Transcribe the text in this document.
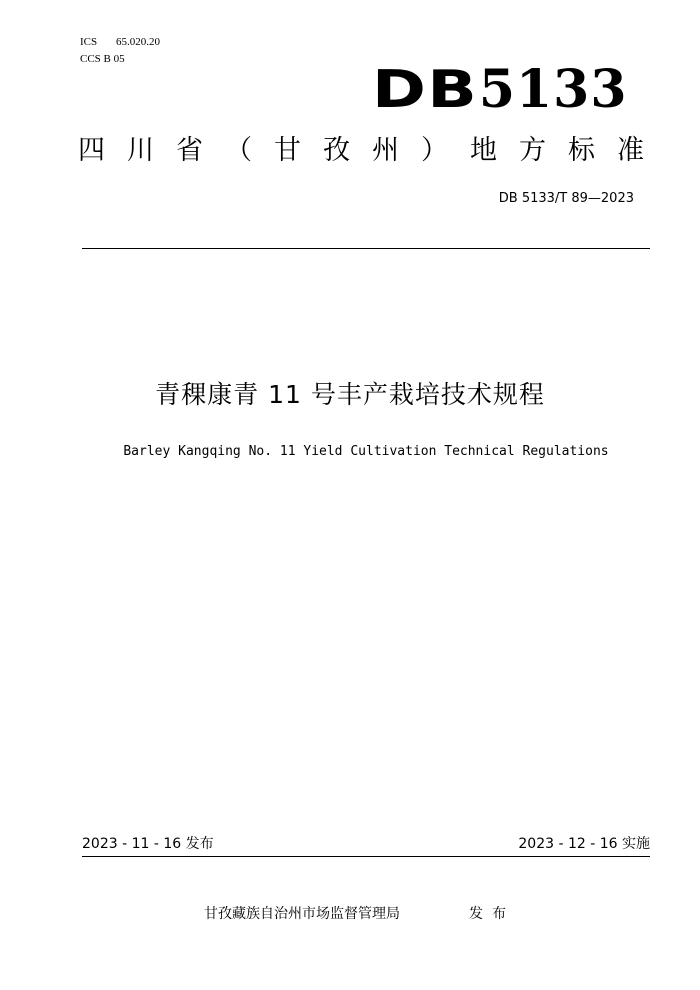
ICS 65.020.20
CCS B 05
DB 5133
四川省（甘孜州）地方标准
DB 5133/T 89—2023
青稞康青 11 号丰产栽培技术规程
Barley Kangqing No. 11 Yield Cultivation Technical Regulations
2023 - 11 - 16 发布	2023 - 12 - 16 实施
甘孜藏族自治州市场监督管理局	发布
